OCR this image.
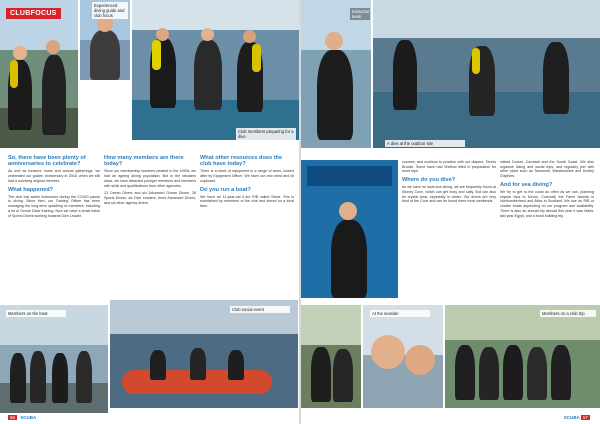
CLUBFOCUS
Experienced diving guide and club focus
Club members preparing for a dive
So, there have been plenty of anniversaries to celebrate?

As well as treasure hunts and annual gatherings, we celebrated our golden anniversary in 2018, when we still had a surviving original member.

What happened?

The club lost active instructors during the COVID pause to diving. Since then, our Training Officer has been managing the long-term upskilling of members, including a lot of Ocean Diver training. Now we have a small batch of Sports Divers working towards Dive Leader.

How many members are there today?

Since our membership numbers peaked in the 1990s, we had an ageing diving population. But in the decades since, we have attracted younger members and members with skills and qualifications from other agencies.

13 Ocean Divers and six Advanced Ocean Divers, 26 Sports Divers, six Dive Leaders, three Advanced Divers, and six other agency divers.

What other resources does the club have today?

There is a stock of equipment in a range of sizes, looked after by Equipment Officer. We have our own shed and kit cupboard.

Do you run a boat?

We have an 11-year-old 6.4m RIB called Steve. She is maintained by members of the club and stored on a local farm.

Members on the boat
Club social event
56 SCUBA
Instructor team
A dive at the outdoor site

courses, and continue to practise with our diapers, Tennis Brooke. Some have had Shellow titled in preparation for more trips.

Where do you dive?

As we have no local sea diving, we are frequently found at Stoney Cove, which can get busy and salty. But can also be crystal clear, especially in winter. Our divers are very fond of the Cove and can be found there most weekends.

visited Dorset, Cornwall and the South Coast. We also organise hiking and social trips, and regularly join with other clubs such as Tamworth, Warwickshire and Dudley Dolphins.

And for sea diving?

We try to get to the coast as often as we can, planning regular trips to Devon, Cornwall, the Farne Islands in Northumberland and Abbs in Scotland. We use an RIB or charter boats depending on our program and availability. There is also an annual trip abroad this year it was Malta, last year Egypt, and a bond building trip.

At the seaside	Members on a club trip
SCUBA 57
